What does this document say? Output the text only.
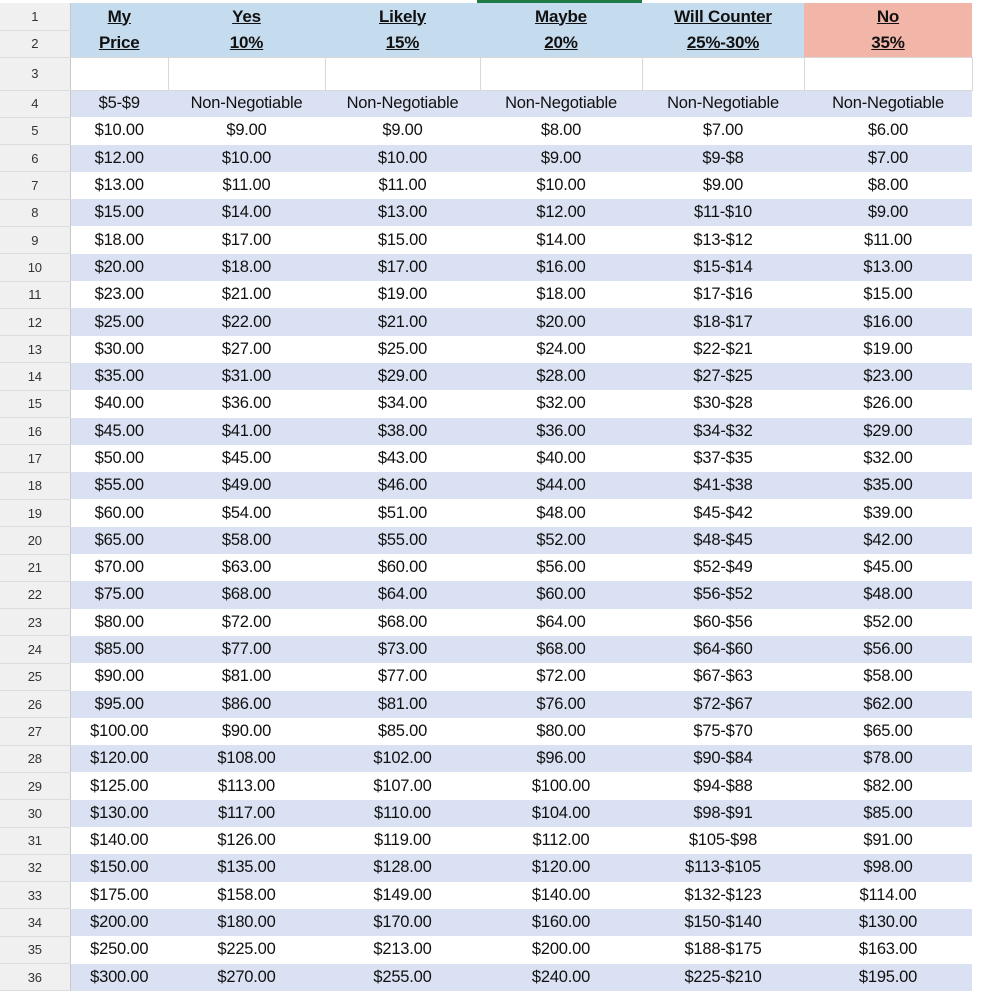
1	My	Yes	Likely	Maybe	Will Counter	No
2	Price	10%	15%	20%	25%-30%	35%
3						
4	$5-$9	Non-Negotiable	Non-Negotiable	Non-Negotiable	Non-Negotiable	Non-Negotiable
5	$10.00	$9.00	$9.00	$8.00	$7.00	$6.00
6	$12.00	$10.00	$10.00	$9.00	$9-$8	$7.00
7	$13.00	$11.00	$11.00	$10.00	$9.00	$8.00
8	$15.00	$14.00	$13.00	$12.00	$11-$10	$9.00
9	$18.00	$17.00	$15.00	$14.00	$13-$12	$11.00
10	$20.00	$18.00	$17.00	$16.00	$15-$14	$13.00
11	$23.00	$21.00	$19.00	$18.00	$17-$16	$15.00
12	$25.00	$22.00	$21.00	$20.00	$18-$17	$16.00
13	$30.00	$27.00	$25.00	$24.00	$22-$21	$19.00
14	$35.00	$31.00	$29.00	$28.00	$27-$25	$23.00
15	$40.00	$36.00	$34.00	$32.00	$30-$28	$26.00
16	$45.00	$41.00	$38.00	$36.00	$34-$32	$29.00
17	$50.00	$45.00	$43.00	$40.00	$37-$35	$32.00
18	$55.00	$49.00	$46.00	$44.00	$41-$38	$35.00
19	$60.00	$54.00	$51.00	$48.00	$45-$42	$39.00
20	$65.00	$58.00	$55.00	$52.00	$48-$45	$42.00
21	$70.00	$63.00	$60.00	$56.00	$52-$49	$45.00
22	$75.00	$68.00	$64.00	$60.00	$56-$52	$48.00
23	$80.00	$72.00	$68.00	$64.00	$60-$56	$52.00
24	$85.00	$77.00	$73.00	$68.00	$64-$60	$56.00
25	$90.00	$81.00	$77.00	$72.00	$67-$63	$58.00
26	$95.00	$86.00	$81.00	$76.00	$72-$67	$62.00
27	$100.00	$90.00	$85.00	$80.00	$75-$70	$65.00
28	$120.00	$108.00	$102.00	$96.00	$90-$84	$78.00
29	$125.00	$113.00	$107.00	$100.00	$94-$88	$82.00
30	$130.00	$117.00	$110.00	$104.00	$98-$91	$85.00
31	$140.00	$126.00	$119.00	$112.00	$105-$98	$91.00
32	$150.00	$135.00	$128.00	$120.00	$113-$105	$98.00
33	$175.00	$158.00	$149.00	$140.00	$132-$123	$114.00
34	$200.00	$180.00	$170.00	$160.00	$150-$140	$130.00
35	$250.00	$225.00	$213.00	$200.00	$188-$175	$163.00
36	$300.00	$270.00	$255.00	$240.00	$225-$210	$195.00
